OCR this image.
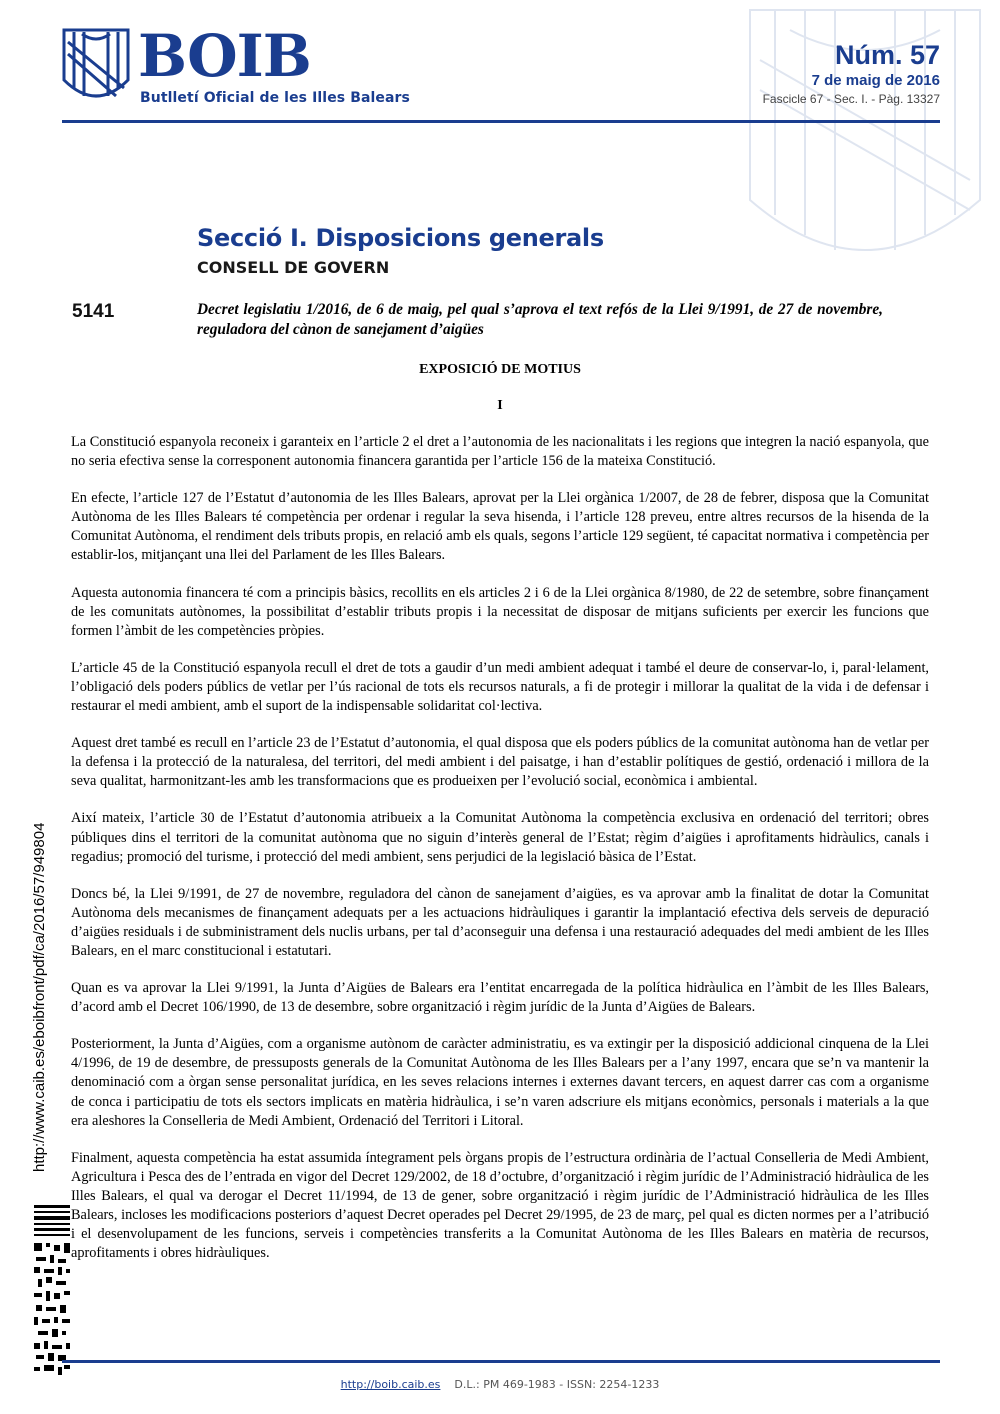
BOIB
Butlletí Oficial de les Illes Balears
Núm. 57
7 de maig de 2016
Fascicle 67 - Sec. I. - Pàg. 13327
Secció I. Disposicions generals
CONSELL DE GOVERN
5141	Decret legislatiu 1/2016, de 6 de maig, pel qual s’aprova el text refós de la Llei 9/1991, de 27 de novembre, reguladora del cànon de sanejament d’aigües
EXPOSICIÓ DE MOTIUS
I

La Constitució espanyola reconeix i garanteix en l’article 2 el dret a l’autonomia de les nacionalitats i les regions que integren la nació espanyola, que no seria efectiva sense la corresponent autonomia financera garantida per l’article 156 de la mateixa Constitució.

En efecte, l’article 127 de l’Estatut d’autonomia de les Illes Balears, aprovat per la Llei orgànica 1/2007, de 28 de febrer, disposa que la Comunitat Autònoma de les Illes Balears té competència per ordenar i regular la seva hisenda, i l’article 128 preveu, entre altres recursos de la hisenda de la Comunitat Autònoma, el rendiment dels tributs propis, en relació amb els quals, segons l’article 129 següent, té capacitat normativa i competència per establir-los, mitjançant una llei del Parlament de les Illes Balears.

Aquesta autonomia financera té com a principis bàsics, recollits en els articles 2 i 6 de la Llei orgànica 8/1980, de 22 de setembre, sobre finançament de les comunitats autònomes, la possibilitat d’establir tributs propis i la necessitat de disposar de mitjans suficients per exercir les funcions que formen l’àmbit de les competències pròpies.

L’article 45 de la Constitució espanyola recull el dret de tots a gaudir d’un medi ambient adequat i també el deure de conservar-lo, i, paral·lelament, l’obligació dels poders públics de vetlar per l’ús racional de tots els recursos naturals, a fi de protegir i millorar la qualitat de la vida i de defensar i restaurar el medi ambient, amb el suport de la indispensable solidaritat col·lectiva.

Aquest dret també es recull en l’article 23 de l’Estatut d’autonomia, el qual disposa que els poders públics de la comunitat autònoma han de vetlar per la defensa i la protecció de la naturalesa, del territori, del medi ambient i del paisatge, i han d’establir polítiques de gestió, ordenació i millora de la seva qualitat, harmonitzant-les amb les transformacions que es produeixen per l’evolució social, econòmica i ambiental.

Així mateix, l’article 30 de l’Estatut d’autonomia atribueix a la Comunitat Autònoma la competència exclusiva en ordenació del territori; obres públiques dins el territori de la comunitat autònoma que no siguin d’interès general de l’Estat; règim d’aigües i aprofitaments hidràulics, canals i regadius; promoció del turisme, i protecció del medi ambient, sens perjudici de la legislació bàsica de l’Estat.

Doncs bé, la Llei 9/1991, de 27 de novembre, reguladora del cànon de sanejament d’aigües, es va aprovar amb la finalitat de dotar la Comunitat Autònoma dels mecanismes de finançament adequats per a les actuacions hidràuliques i garantir la implantació efectiva dels serveis de depuració d’aigües residuals i de subministrament dels nuclis urbans, per tal d’aconseguir una defensa i una restauració adequades del medi ambient de les Illes Balears, en el marc constitucional i estatutari.

Quan es va aprovar la Llei 9/1991, la Junta d’Aigües de Balears era l’entitat encarregada de la política hidràulica en l’àmbit de les Illes Balears, d’acord amb el Decret 106/1990, de 13 de desembre, sobre organització i règim jurídic de la Junta d’Aigües de Balears.

Posteriorment, la Junta d’Aigües, com a organisme autònom de caràcter administratiu, es va extingir per la disposició addicional cinquena de la Llei 4/1996, de 19 de desembre, de pressuposts generals de la Comunitat Autònoma de les Illes Balears per a l’any 1997, encara que se’n va mantenir la denominació com a òrgan sense personalitat jurídica, en les seves relacions internes i externes davant tercers, en aquest darrer cas com a organisme de conca i participatiu de tots els sectors implicats en matèria hidràulica, i se’n varen adscriure els mitjans econòmics, personals i materials a la que era aleshores la Conselleria de Medi Ambient, Ordenació del Territori i Litoral.

Finalment, aquesta competència ha estat assumida íntegrament pels òrgans propis de l’estructura ordinària de l’actual Conselleria de Medi Ambient, Agricultura i Pesca des de l’entrada en vigor del Decret 129/2002, de 18 d’octubre, d’organització i règim jurídic de l’Administració hidràulica de les Illes Balears, el qual va derogar el Decret 11/1994, de 13 de gener, sobre organització i règim jurídic de l’Administració hidràulica de les Illes Balears, incloses les modificacions posteriors d’aquest Decret operades pel Decret 29/1995, de 23 de març, pel qual es dicten normes per a l’atribució i el desenvolupament de les funcions, serveis i competències transferits a la Comunitat Autònoma de les Illes Balears en matèria de recursos, aprofitaments i obres hidràuliques.

http://www.caib.es/eboibfront/pdf/ca/2016/57/949804
http://boib.caib.es D.L.: PM 469-1983 - ISSN: 2254-1233
